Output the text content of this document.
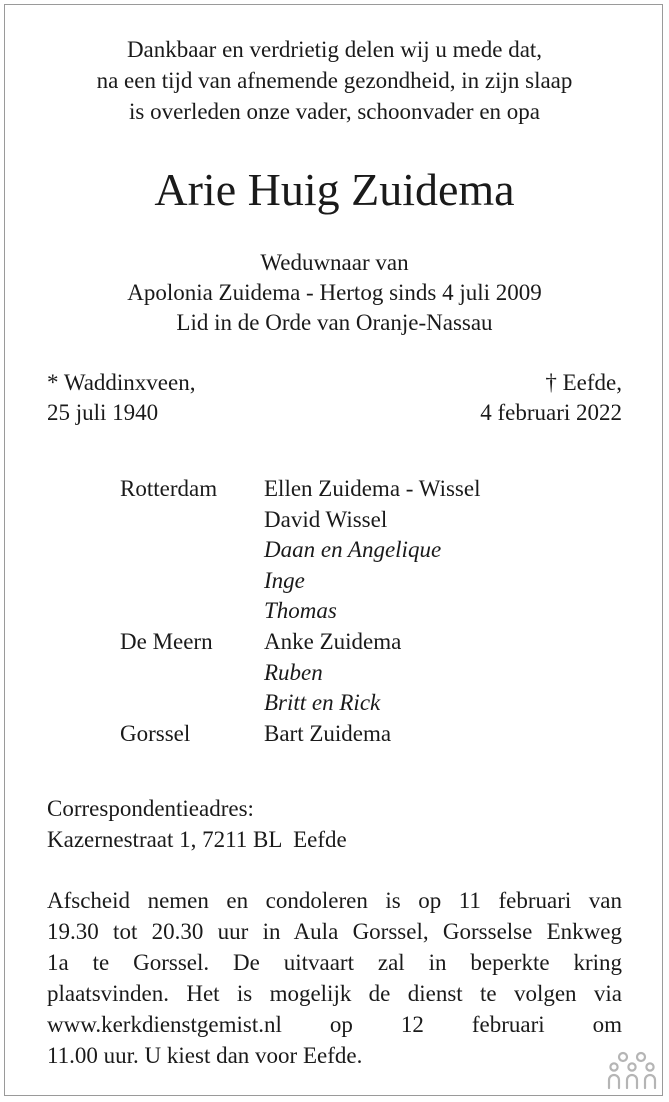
Dankbaar en verdrietig delen wij u mede dat,
na een tijd van afnemende gezondheid, in zijn slaap
is overleden onze vader, schoonvader en opa
Arie Huig Zuidema
Weduwnaar van
Apolonia Zuidema - Hertog sinds 4 juli 2009
Lid in de Orde van Oranje-Nassau
* Waddinxveen,
25 juli 1940
† Eefde,
4 februari 2022
Rotterdam Ellen Zuidema - Wissel
David Wissel
Daan en Angelique
Inge
Thomas
De Meern Anke Zuidema
Ruben
Britt en Rick
Gorssel	Bart Zuidema
Correspondentieadres:
Kazernestraat 1, 7211 BL  Eefde
Afscheid nemen en condoleren is op 11 februari van
19.30 tot 20.30 uur in Aula Gorssel, Gorsselse Enkweg
1a te Gorssel. De uitvaart zal in beperkte kring
plaatsvinden. Het is mogelijk de dienst te volgen via
www.kerkdienstgemist.nl op 12 februari om
11.00 uur. U kiest dan voor Eefde.
